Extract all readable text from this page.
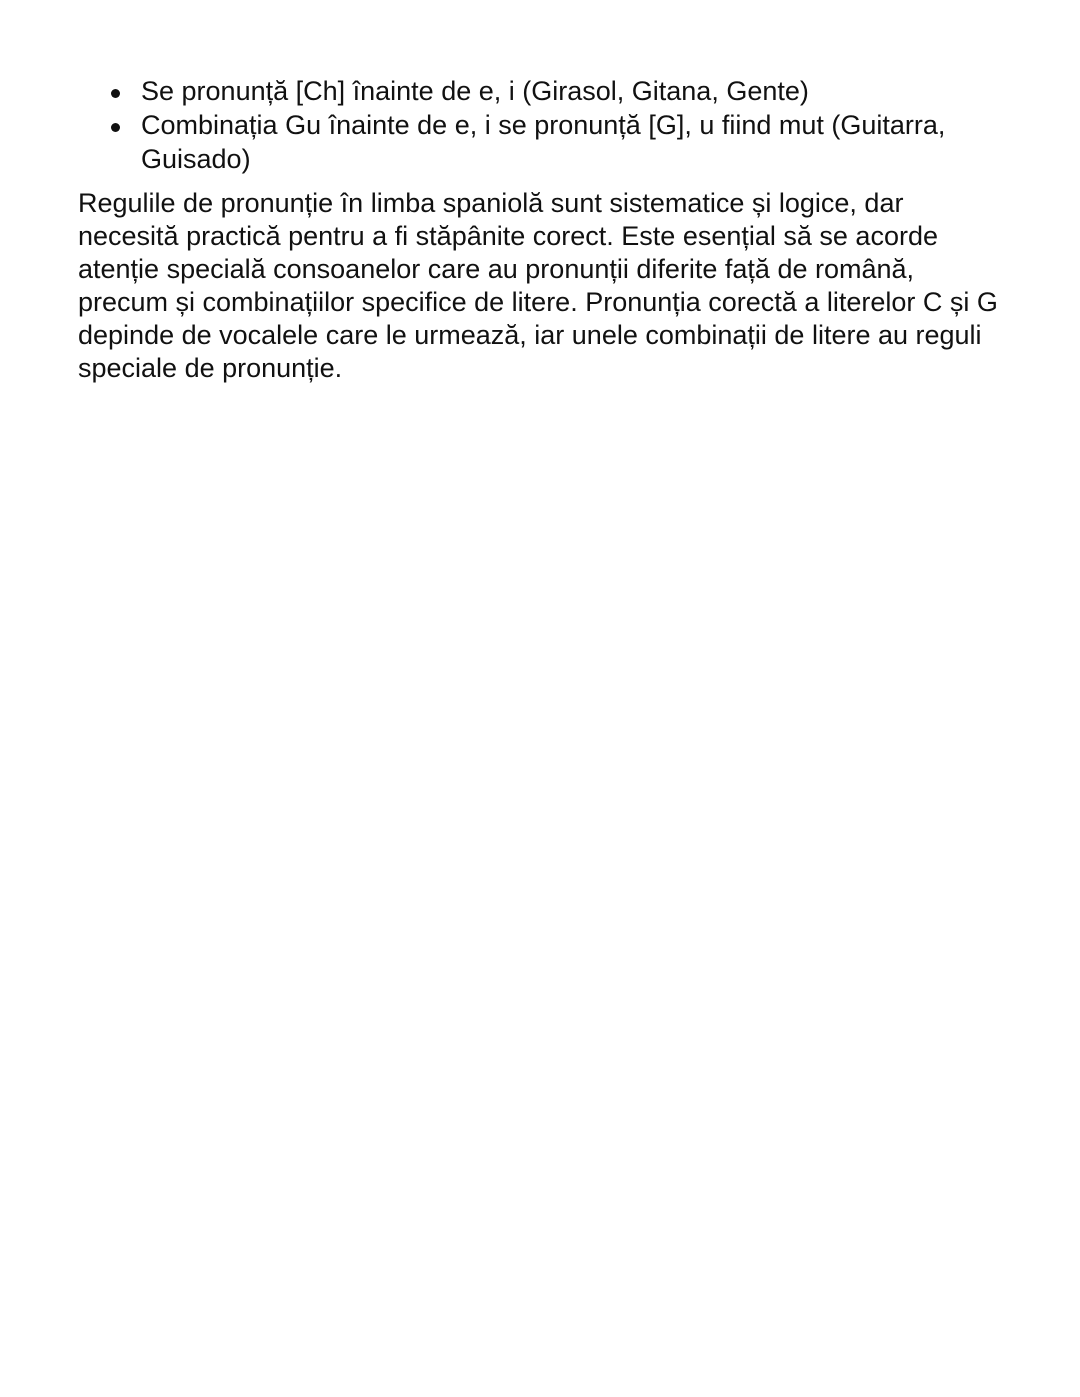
Se pronunță [Ch] înainte de e, i (Girasol, Gitana, Gente)
Combinația Gu înainte de e, i se pronunță [G], u fiind mut (Guitarra, Guisado)

Regulile de pronunție în limba spaniolă sunt sistematice și logice, dar necesită practică pentru a fi stăpânite corect. Este esențial să se acorde atenție specială consoanelor care au pronunții diferite față de română, precum și combinațiilor specifice de litere. Pronunția corectă a literelor C și G depinde de vocalele care le urmează, iar unele combinații de litere au reguli speciale de pronunție.
